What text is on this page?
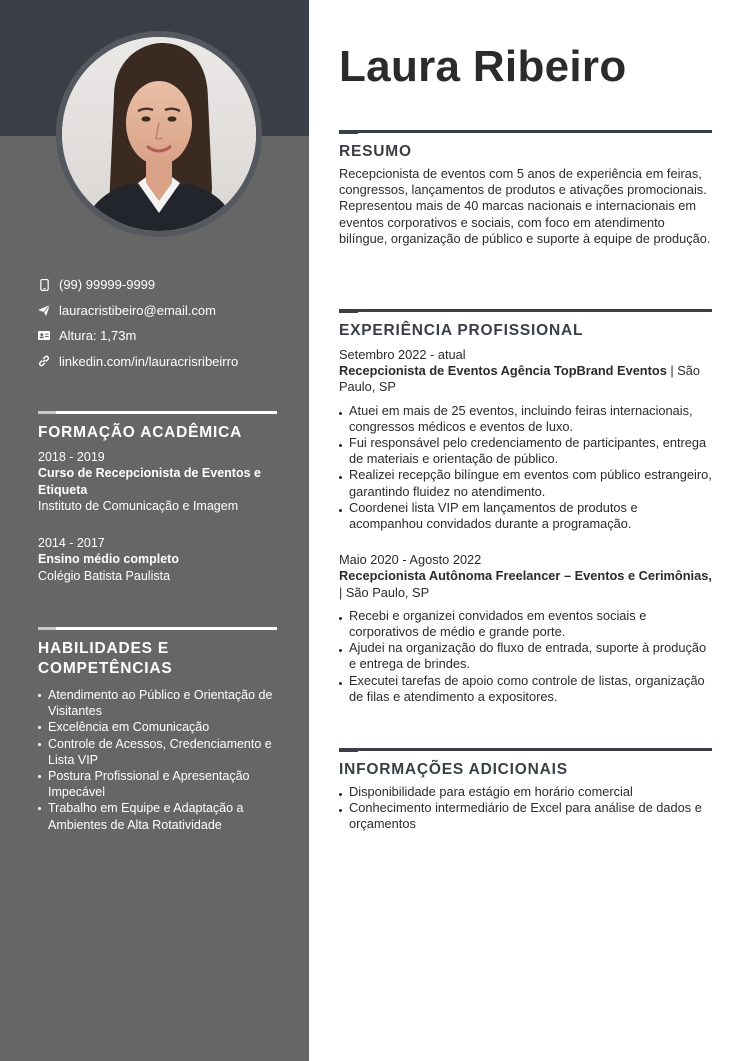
(99) 99999-9999
lauracristibeiro@email.com
Altura: 1,73m
linkedin.com/in/lauracrisribeirro
FORMAÇÃO ACADÊMICA
2018 - 2019
Curso de Recepcionista de Eventos e Etiqueta
Instituto de Comunicação e Imagem
2014 - 2017
Ensino médio completo
Colégio Batista Paulista
HABILIDADES E COMPETÊNCIAS
Atendimento ao Público e Orientação de Visitantes
Excelência em Comunicação
Controle de Acessos, Credenciamento e Lista VIP
Postura Profissional e Apresentação Impecável
Trabalho em Equipe e Adaptação a Ambientes de Alta Rotatividade
Laura Ribeiro
RESUMO
Recepcionista de eventos com 5 anos de experiência em feiras, congressos, lançamentos de produtos e ativações promocionais. Representou mais de 40 marcas nacionais e internacionais em eventos corporativos e sociais, com foco em atendimento bilíngue, organização de público e suporte à equipe de produção.
EXPERIÊNCIA PROFISSIONAL
Setembro 2022 - atual
Recepcionista de Eventos Agência TopBrand Eventos | São Paulo, SP
Atuei em mais de 25 eventos, incluindo feiras internacionais, congressos médicos e eventos de luxo.
Fui responsável pelo credenciamento de participantes, entrega de materiais e orientação de público.
Realizei recepção bilíngue em eventos com público estrangeiro, garantindo fluidez no atendimento.
Coordenei lista VIP em lançamentos de produtos e acompanhou convidados durante a programação.
Maio 2020 - Agosto 2022
Recepcionista Autônoma Freelancer – Eventos e Cerimônias, | São Paulo, SP
Recebi e organizei convidados em eventos sociais e corporativos de médio e grande porte.
Ajudei na organização do fluxo de entrada, suporte à produção e entrega de brindes.
Executei tarefas de apoio como controle de listas, organização de filas e atendimento a expositores.
INFORMAÇÕES ADICIONAIS
Disponibilidade para estágio em horário comercial
Conhecimento intermediário de Excel para análise de dados e orçamentos
